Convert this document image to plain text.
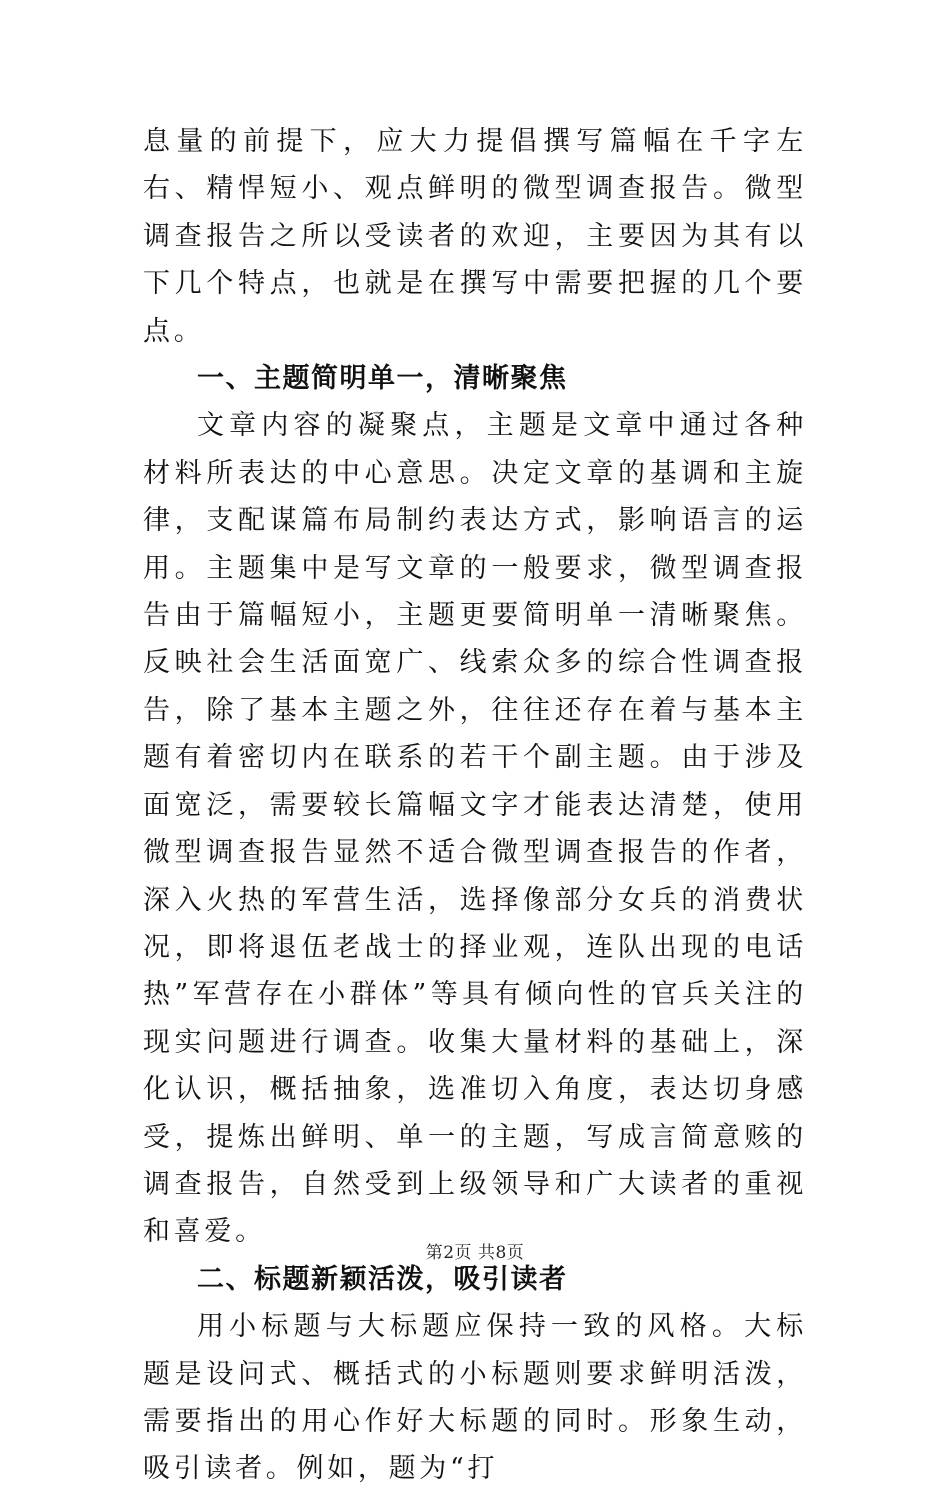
息量的前提下，应大力提倡撰写篇幅在千字左右、精悍短小、观点鲜明的微型调查报告。微型调查报告之所以受读者的欢迎，主要因为其有以下几个特点，也就是在撰写中需要把握的几个要点。

一、主题简明单一，清晰聚焦

文章内容的凝聚点，主题是文章中通过各种材料所表达的中心意思。决定文章的基调和主旋律，支配谋篇布局制约表达方式，影响语言的运用。主题集中是写文章的一般要求，微型调查报告由于篇幅短小，主题更要简明单一清晰聚焦。反映社会生活面宽广、线索众多的综合性调查报告，除了基本主题之外，往往还存在着与基本主题有着密切内在联系的若干个副主题。由于涉及面宽泛，需要较长篇幅文字才能表达清楚，使用微型调查报告显然不适合微型调查报告的作者，深入火热的军营生活，选择像部分女兵的消费状况，即将退伍老战士的择业观，连队出现的电话热”军营存在小群体”等具有倾向性的官兵关注的现实问题进行调查。收集大量材料的基础上，深化认识，概括抽象，选准切入角度，表达切身感受，提炼出鲜明、单一的主题，写成言简意赅的调查报告，自然受到上级领导和广大读者的重视和喜爱。

二、标题新颖活泼，吸引读者

用小标题与大标题应保持一致的风格。大标题是设问式、概括式的小标题则要求鲜明活泼，需要指出的用心作好大标题的同时。形象生动，吸引读者。例如，题为“打

第2页 共8页
